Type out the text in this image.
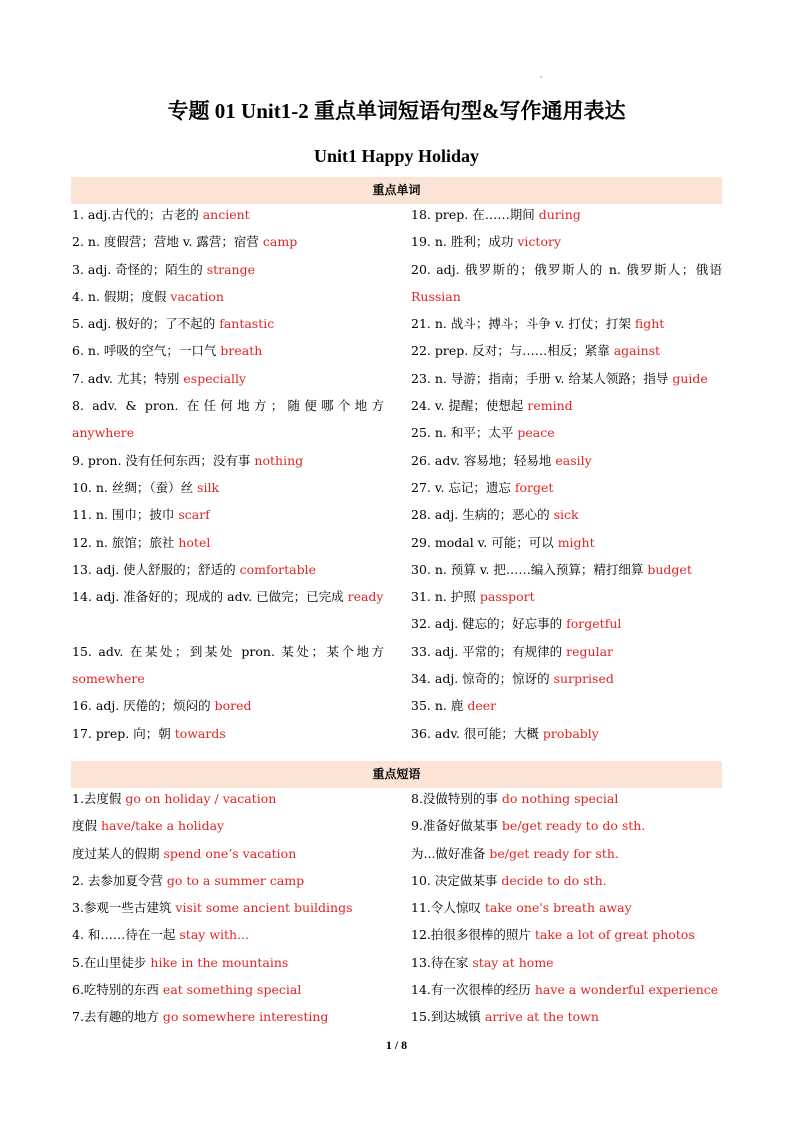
专题 01 Unit1-2 重点单词短语句型&写作通用表达
Unit1 Happy Holiday
重点单词
1. adj.古代的；古老的 ancient
2. n. 度假营；营地 v. 露营；宿营 camp
3. adj. 奇怪的；陌生的 strange
4. n. 假期；度假 vacation
5. adj. 极好的；了不起的 fantastic
6. n. 呼吸的空气；一口气 breath
7. adv. 尤其；特别 especially
8. adv. & pron. 在任何地方；随便哪个地方 anywhere
9. pron. 没有任何东西；没有事 nothing
10. n. 丝绸；（蚕）丝 silk
11. n. 围巾；披巾 scarf
12. n. 旅馆；旅社 hotel
13. adj. 使人舒服的；舒适的 comfortable
14. adj. 准备好的；现成的 adv. 已做完；已完成 ready
15. adv. 在某处；到某处 pron. 某处；某个地方 somewhere
16. adj. 厌倦的；烦闷的 bored
17. prep. 向；朝 towards
18. prep. 在……期间 during
19. n. 胜利；成功 victory
20. adj. 俄罗斯的；俄罗斯人的 n. 俄罗斯人；俄语 Russian
21. n. 战斗；搏斗；斗争 v. 打仗；打架 fight
22. prep. 反对；与……相反；紧靠 against
23. n. 导游；指南；手册 v. 给某人领路；指导 guide
24. v. 提醒；使想起 remind
25. n. 和平；太平 peace
26. adv. 容易地；轻易地 easily
27. v. 忘记；遗忘 forget
28. adj. 生病的；恶心的 sick
29. modal v. 可能；可以 might
30. n. 预算 v. 把……编入预算；精打细算 budget
31. n. 护照 passport
32. adj. 健忘的；好忘事的 forgetful
33. adj. 平常的；有规律的 regular
34. adj. 惊奇的；惊讶的 surprised
35. n. 鹿 deer
36. adv. 很可能；大概 probably
重点短语
1.去度假 go on holiday / vacation
度假 have/take a holiday
度过某人的假期 spend one’s vacation
2. 去参加夏令营 go to a summer camp
3.参观一些古建筑 visit some ancient buildings
4. 和……待在一起 stay with...
5.在山里徒步 hike in the mountains
6.吃特别的东西 eat something special
7.去有趣的地方 go somewhere interesting
8.没做特别的事 do nothing special
9.准备好做某事 be/get ready to do sth.
为...做好准备 be/get ready for sth.
10. 决定做某事 decide to do sth.
11.令人惊叹 take one's breath away
12.拍很多很棒的照片 take a lot of great photos
13.待在家 stay at home
14.有一次很棒的经历 have a wonderful experience
15.到达城镇 arrive at the town
1 / 8
